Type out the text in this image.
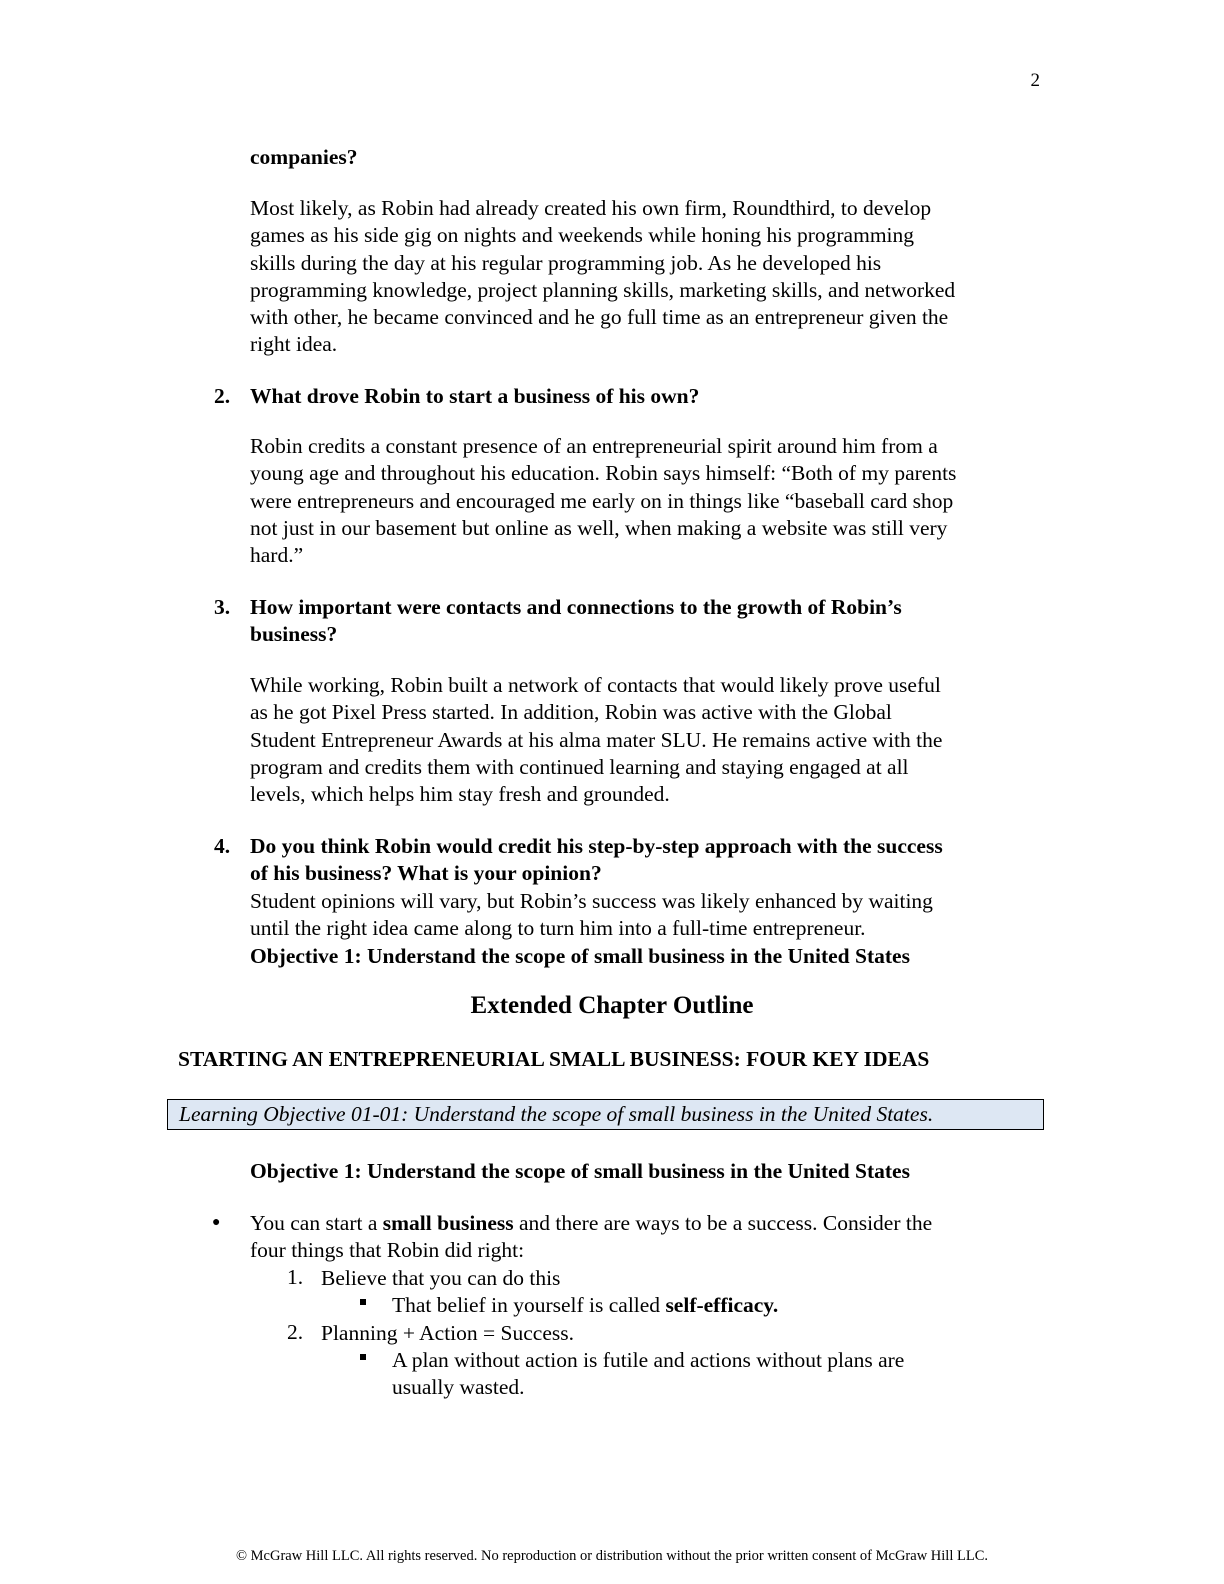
2
companies?
Most likely, as Robin had already created his own firm, Roundthird, to develop
games as his side gig on nights and weekends while honing his programming
skills during the day at his regular programming job. As he developed his
programming knowledge, project planning skills, marketing skills, and networked
with other, he became convinced and he go full time as an entrepreneur given the
right idea.
2. What drove Robin to start a business of his own?
Robin credits a constant presence of an entrepreneurial spirit around him from a
young age and throughout his education. Robin says himself: “Both of my parents
were entrepreneurs and encouraged me early on in things like “baseball card shop
not just in our basement but online as well, when making a website was still very
hard.”
3. How important were contacts and connections to the growth of Robin’s
business?
While working, Robin built a network of contacts that would likely prove useful
as he got Pixel Press started. In addition, Robin was active with the Global
Student Entrepreneur Awards at his alma mater SLU. He remains active with the
program and credits them with continued learning and staying engaged at all
levels, which helps him stay fresh and grounded.
4. Do you think Robin would credit his step-by-step approach with the success
of his business? What is your opinion?
Student opinions will vary, but Robin’s success was likely enhanced by waiting
until the right idea came along to turn him into a full-time entrepreneur.
Objective 1: Understand the scope of small business in the United States
Extended Chapter Outline
STARTING AN ENTREPRENEURIAL SMALL BUSINESS: FOUR KEY IDEAS
Learning Objective 01-01: Understand the scope of small business in the United States.
Objective 1: Understand the scope of small business in the United States
● You can start a small business and there are ways to be a success. Consider the
four things that Robin did right:
1. Believe that you can do this
That belief in yourself is called self-efficacy.
2. Planning + Action = Success.
A plan without action is futile and actions without plans are
usually wasted.
© McGraw Hill LLC. All rights reserved. No reproduction or distribution without the prior written consent of McGraw Hill LLC.
